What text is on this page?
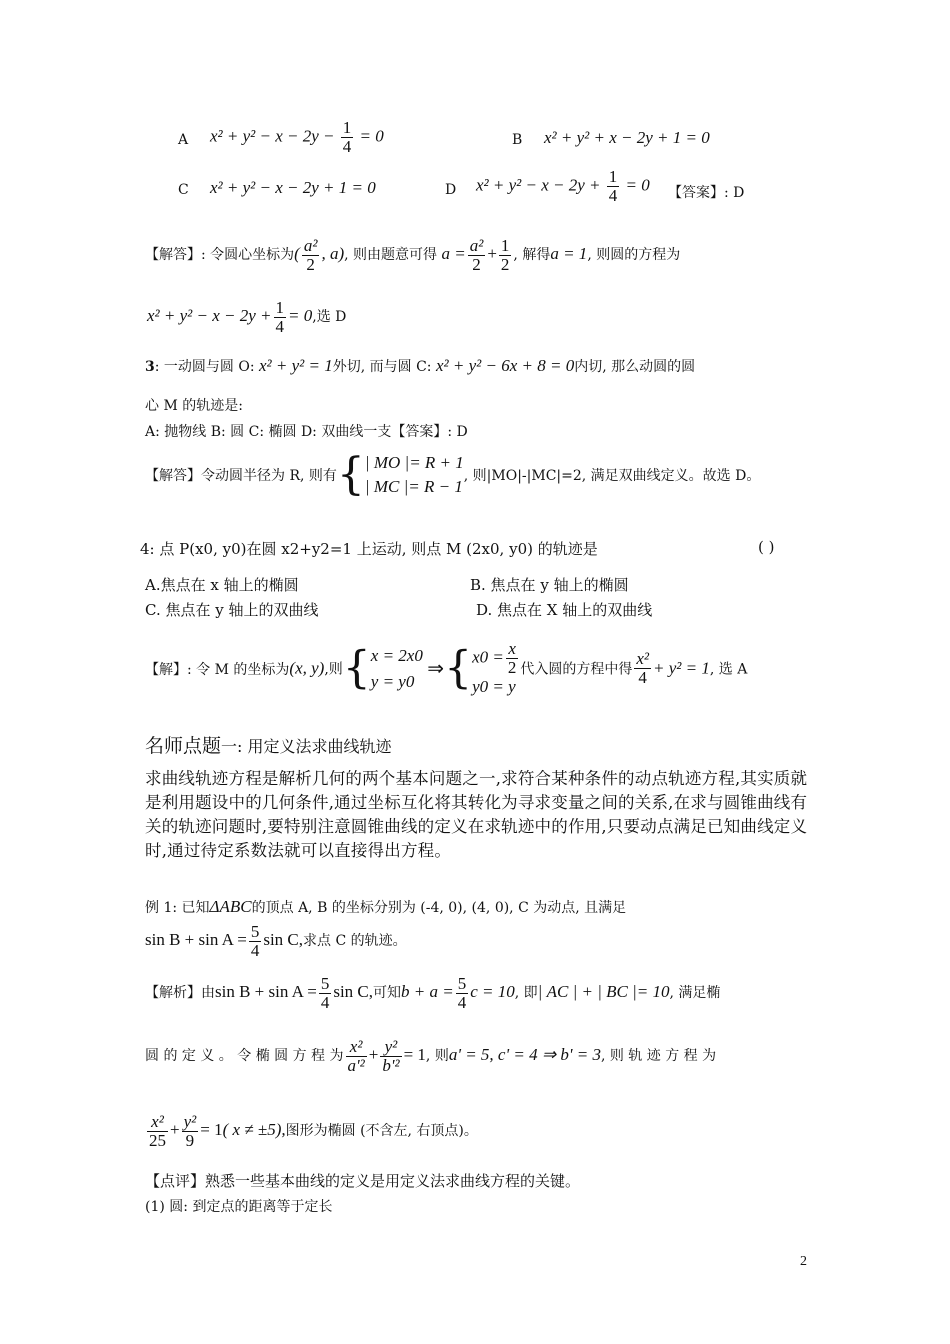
A $x^2 + y^2 - x - 2y - \frac{1}{4} = 0$	B x² + y² + x − 2y + 1 = 0
C x² + y² − x − 2y + 1 = 0	D $x^2 + y^2 - x - 2y + \frac{1}{4} = 0$ 【答案】: D
【解答】: 令圆心坐标为( $\frac{\text{a²}}{2}$ , a), 则由题意可得 $a = \frac{\text{a²}}{2} + \frac{1}{2}$ , 解得a = 1, 则圆的方程为
$x^2 + y^2 - x - 2y + \frac{1}{4} = 0$,选 D
3: 一动圆与圆 O: x² + y² = 1外切, 而与圆 C: x² + y² − 6x + 8 = 0内切, 那么动圆的圆
心 M 的轨迹是:
A: 抛物线 B: 圆 C: 椭圆 D: 双曲线一支【答案】: D
【解答】令动圆半径为 R, 则有{ | MO |= R + 1
| MC |= R − 1
, 则|MO|-|MC|=2, 满足双曲线定义。故选 D。
4: 点 P(x0, y0)在圆 x2+y2=1 上运动, 则点 M (2x0, y0) 的轨迹是	( )
A.焦点在 x 轴上的椭圆	B. 焦点在 y 轴上的椭圆
C. 焦点在 y 轴上的双曲线	D. 焦点在 X 轴上的双曲线
【解】: 令 M 的坐标为(x, y),则{ x = 2x0
y = y0
⇒{ $x0 = \frac{x}{2}$
y0 = y
代入圆的方程中得 $\frac{\text{x²}}{4} + y^2 = 1$, 选 A
名师点题一: 用定义法求曲线轨迹
求曲线轨迹方程是解析几何的两个基本问题之一,求符合某种条件的动点轨迹方程,其实质就是利用题设中的几何条件,通过坐标互化将其转化为寻求变量之间的关系,在求与圆锥曲线有关的轨迹问题时,要特别注意圆锥曲线的定义在求轨迹中的作用,只要动点满足已知曲线定义时,通过待定系数法就可以直接得出方程。
例 1: 已知ΔABC的顶点 A, B 的坐标分别为 (-4, 0), (4, 0), C 为动点, 且满足
$\sin B + \sin A = \frac{5}{4}$ sin C,求点 C 的轨迹。
【解析】由$\sin B + \sin A = \frac{5}{4}$ sin C,可知$b + a = \frac{5}{4}$ c = 10, 即| AC | + | BC |= 10, 满足椭
圆 的 定 义 。 令 椭 圆 方 程 为 $\frac{\text{x²}}{\text{a'²}} + \frac{\text{y²}}{\text{b'²}} = 1$, 则a' = 5, c' = 4 ⇒ b' = 3, 则 轨 迹 方 程 为
$\frac{\text{x²}}{25} + \frac{\text{y²}}{9} = 1$( x ≠ ±5),图形为椭圆 (不含左, 右顶点)。
【点评】熟悉一些基本曲线的定义是用定义法求曲线方程的关键。
(1) 圆: 到定点的距离等于定长
2
